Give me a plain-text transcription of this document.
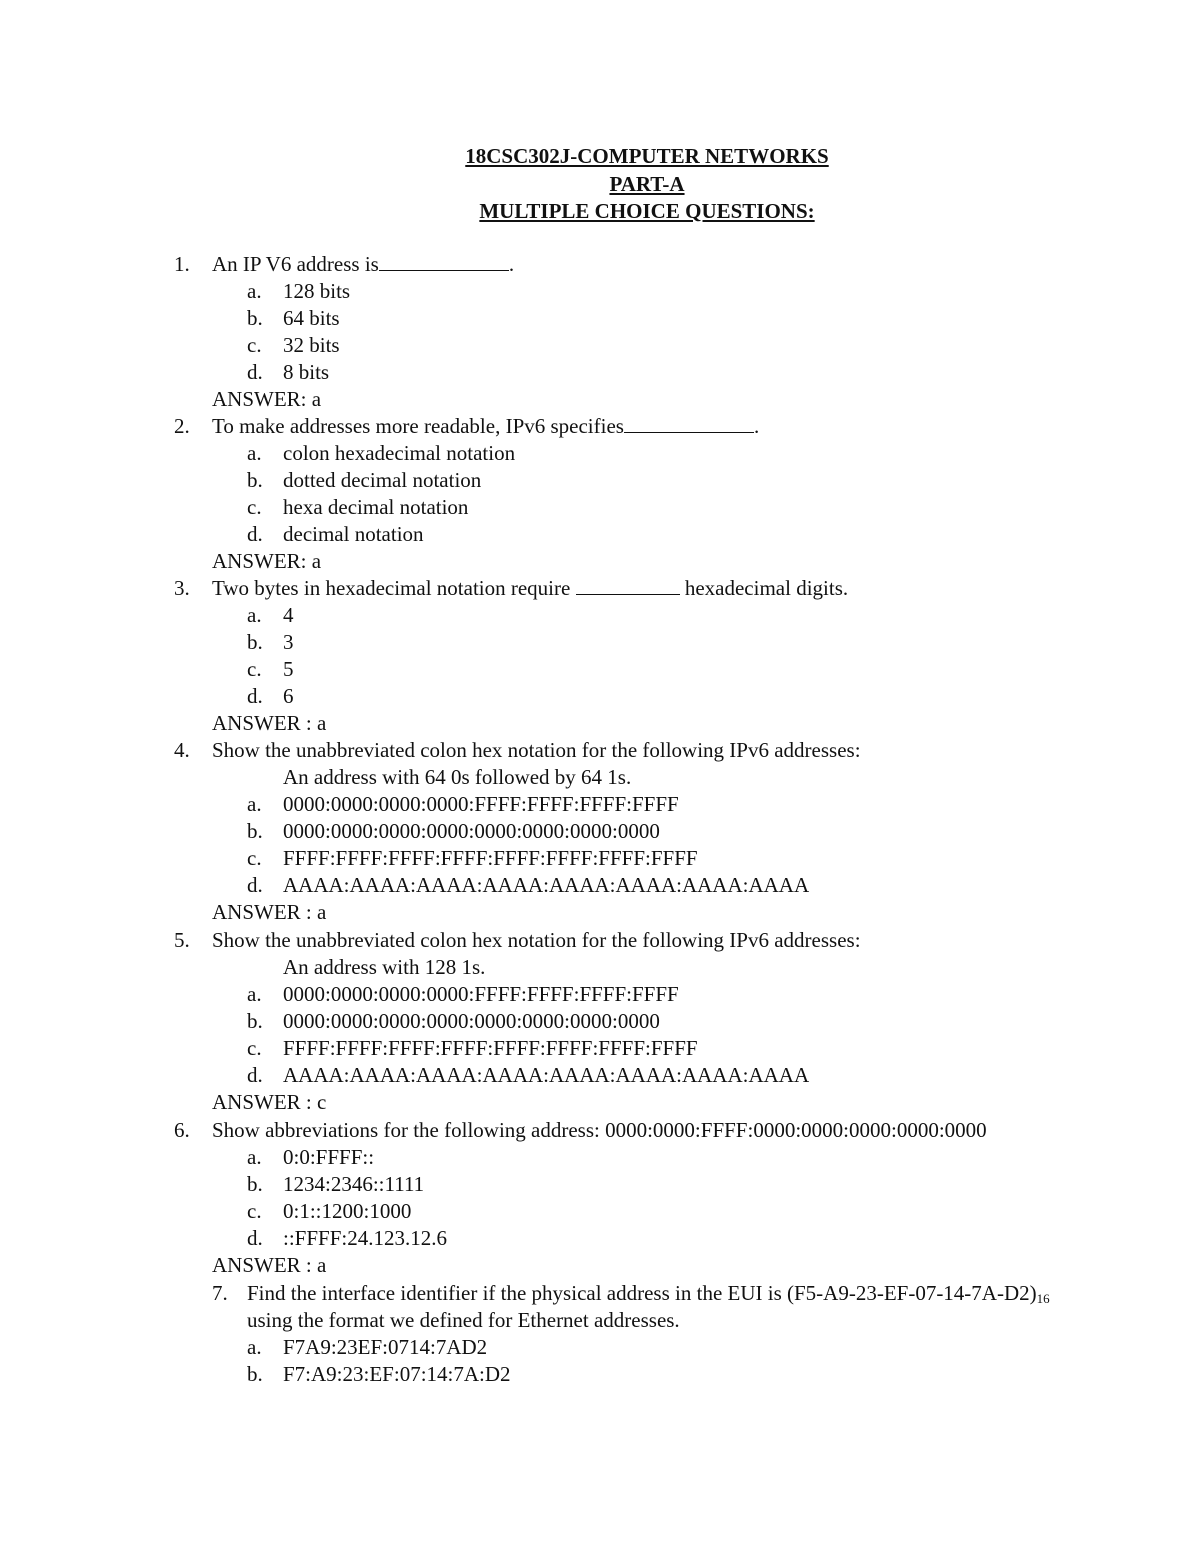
18CSC302J-COMPUTER NETWORKS
PART-A
MULTIPLE CHOICE QUESTIONS:
1. An IP V6 address is	.
a. 128 bits
b. 64 bits
c. 32 bits
d. 8 bits
ANSWER: a
2. To make addresses more readable, IPv6 specifies	.
a. colon hexadecimal notation
b. dotted decimal notation
c. hexa decimal notation
d. decimal notation
ANSWER: a
3. Two bytes in hexadecimal notation require	hexadecimal digits.
a. 4
b. 3
c. 5
d. 6
ANSWER : a
4. Show the unabbreviated colon hex notation for the following IPv6 addresses:
An address with 64 0s followed by 64 1s.
a. 0000:0000:0000:0000:FFFF:FFFF:FFFF:FFFF
b. 0000:0000:0000:0000:0000:0000:0000:0000
c. FFFF:FFFF:FFFF:FFFF:FFFF:FFFF:FFFF:FFFF
d. AAAA:AAAA:AAAA:AAAA:AAAA:AAAA:AAAA:AAAA
ANSWER : a
5. Show the unabbreviated colon hex notation for the following IPv6 addresses:
An address with 128 1s.
a. 0000:0000:0000:0000:FFFF:FFFF:FFFF:FFFF
b. 0000:0000:0000:0000:0000:0000:0000:0000
c. FFFF:FFFF:FFFF:FFFF:FFFF:FFFF:FFFF:FFFF
d. AAAA:AAAA:AAAA:AAAA:AAAA:AAAA:AAAA:AAAA
ANSWER : c
6. Show abbreviations for the following address: 0000:0000:FFFF:0000:0000:0000:0000:0000
a. 0:0:FFFF::
b. 1234:2346::1111
c. 0:1::1200:1000
d. ::FFFF:24.123.12.6
ANSWER : a
7. Find the interface identifier if the physical address in the EUI is $(F5-A9-23-EF-07-14-7A-D2)_{16}$
using the format we defined for Ethernet addresses.
a. F7A9:23EF:0714:7AD2
b. F7:A9:23:EF:07:14:7A:D2
